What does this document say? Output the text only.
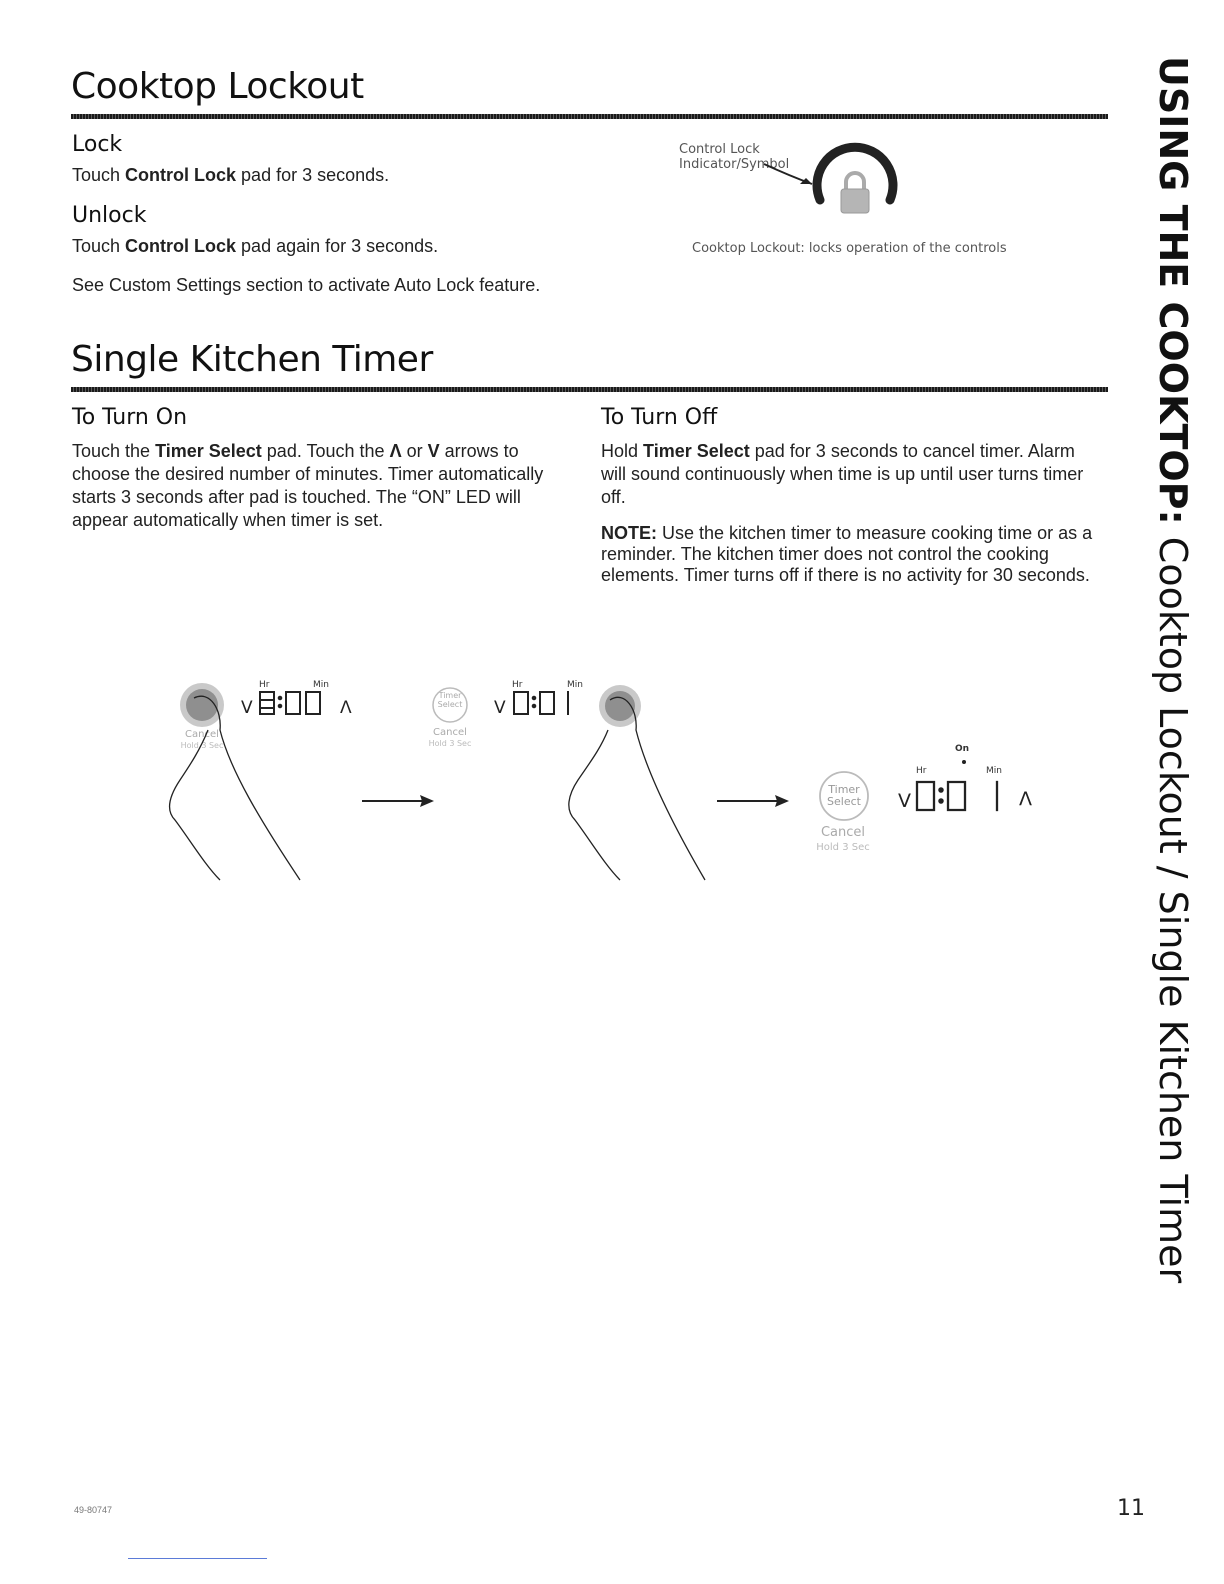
Cooktop Lockout
Lock
Touch Control Lock pad for 3 seconds.
Unlock
Touch Control Lock pad again for 3 seconds.
See Custom Settings section to activate Auto Lock feature.
Control Lock
Indicator/Symbol
Cooktop Lockout: locks operation of the controls
Single Kitchen Timer
To Turn On
Touch the Timer Select pad. Touch the Λ or V arrows to choose the desired number of minutes. Timer automatically starts 3 seconds after pad is touched. The “ON” LED will appear automatically when timer is set.
To Turn Off
Hold Timer Select pad for 3 seconds to cancel timer. Alarm will sound continuously when time is up until user turns timer off.
NOTE: Use the kitchen timer to measure cooking time or as a reminder. The kitchen timer does not control the cooking elements. Timer turns off if there is no activity for 30 seconds.
Hr	Min
V	Λ
Cancel
Hold 3 Sec
Timer
Select
Cancel
Hold 3 Sec
Hr	Min
V
On
Hr	Min
Timer
Select
Cancel
Hold 3 Sec
V	Λ
USING THE COOKTOP: Cooktop Lockout / Single Kitchen Timer
49-80747	11
